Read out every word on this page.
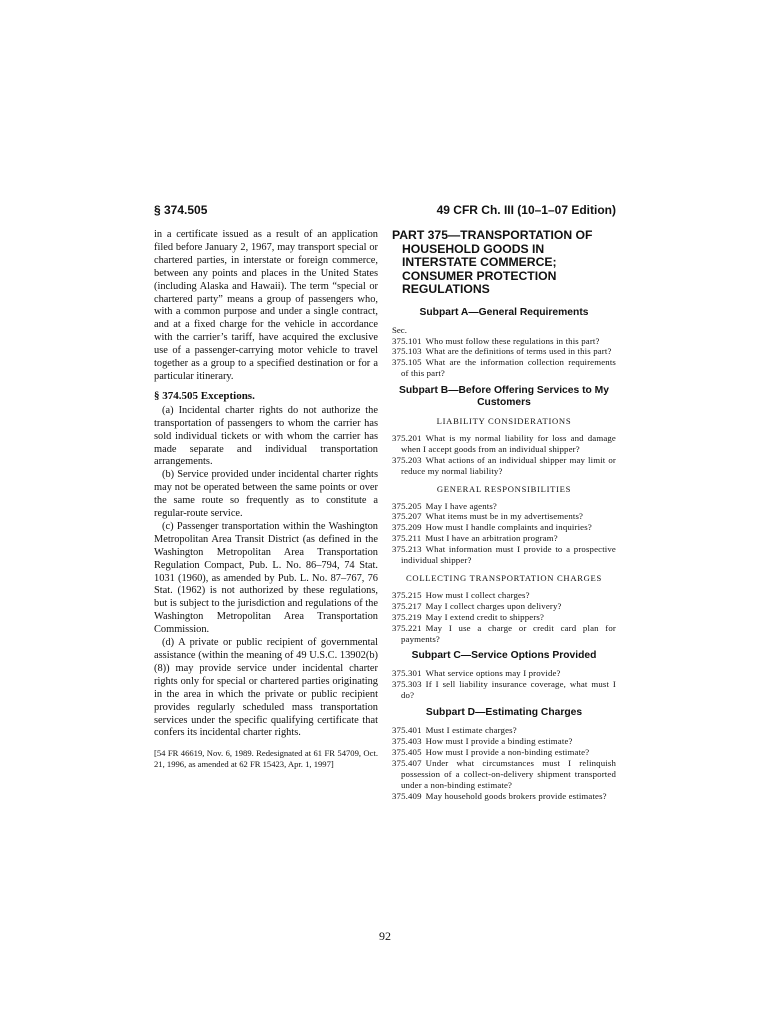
§ 374.505	49 CFR Ch. III (10–1–07 Edition)

in a certificate issued as a result of an application filed before January 2, 1967, may transport special or chartered parties, in interstate or foreign commerce, between any points and places in the United States (including Alaska and Hawaii). The term “special or chartered party” means a group of passengers who, with a common purpose and under a single contract, and at a fixed charge for the vehicle in accordance with the carrier’s tariff, have acquired the exclusive use of a passenger-carrying motor vehicle to travel together as a group to a specified destination or for a particular itinerary.

§ 374.505 Exceptions.

(a) Incidental charter rights do not authorize the transportation of passengers to whom the carrier has sold individual tickets or with whom the carrier has made separate and individual transportation arrangements.

(b) Service provided under incidental charter rights may not be operated between the same points or over the same route so frequently as to constitute a regular-route service.

(c) Passenger transportation within the Washington Metropolitan Area Transit District (as defined in the Washington Metropolitan Area Transportation Regulation Compact, Pub. L. No. 86–794, 74 Stat. 1031 (1960), as amended by Pub. L. No. 87–767, 76 Stat. (1962) is not authorized by these regulations, but is subject to the jurisdiction and regulations of the Washington Metropolitan Area Transportation Commission.

(d) A private or public recipient of governmental assistance (within the meaning of 49 U.S.C. 13902(b)(8)) may provide service under incidental charter rights only for special or chartered parties originating in the area in which the private or public recipient provides regularly scheduled mass transportation services under the specific qualifying certificate that confers its incidental charter rights.

[54 FR 46619, Nov. 6, 1989. Redesignated at 61 FR 54709, Oct. 21, 1996, as amended at 62 FR 15423, Apr. 1, 1997]

PART 375—TRANSPORTATION OF HOUSEHOLD GOODS IN INTERSTATE COMMERCE; CONSUMER PROTECTION REGULATIONS
Subpart A—General Requirements

Sec.

375.101 Who must follow these regulations in this part?

375.103 What are the definitions of terms used in this part?

375.105 What are the information collection requirements of this part?

Subpart B—Before Offering Services to My Customers
LIABILITY CONSIDERATIONS

375.201 What is my normal liability for loss and damage when I accept goods from an individual shipper?

375.203 What actions of an individual shipper may limit or reduce my normal liability?

GENERAL RESPONSIBILITIES

375.205 May I have agents?

375.207 What items must be in my advertisements?

375.209 How must I handle complaints and inquiries?

375.211 Must I have an arbitration program?

375.213 What information must I provide to a prospective individual shipper?

COLLECTING TRANSPORTATION CHARGES

375.215 How must I collect charges?

375.217 May I collect charges upon delivery?

375.219 May I extend credit to shippers?

375.221 May I use a charge or credit card plan for payments?

Subpart C—Service Options Provided

375.301 What service options may I provide?

375.303 If I sell liability insurance coverage, what must I do?

Subpart D—Estimating Charges

375.401 Must I estimate charges?

375.403 How must I provide a binding estimate?

375.405 How must I provide a non-binding estimate?

375.407 Under what circumstances must I relinquish possession of a collect-on-delivery shipment transported under a non-binding estimate?

375.409 May household goods brokers provide estimates?

92
